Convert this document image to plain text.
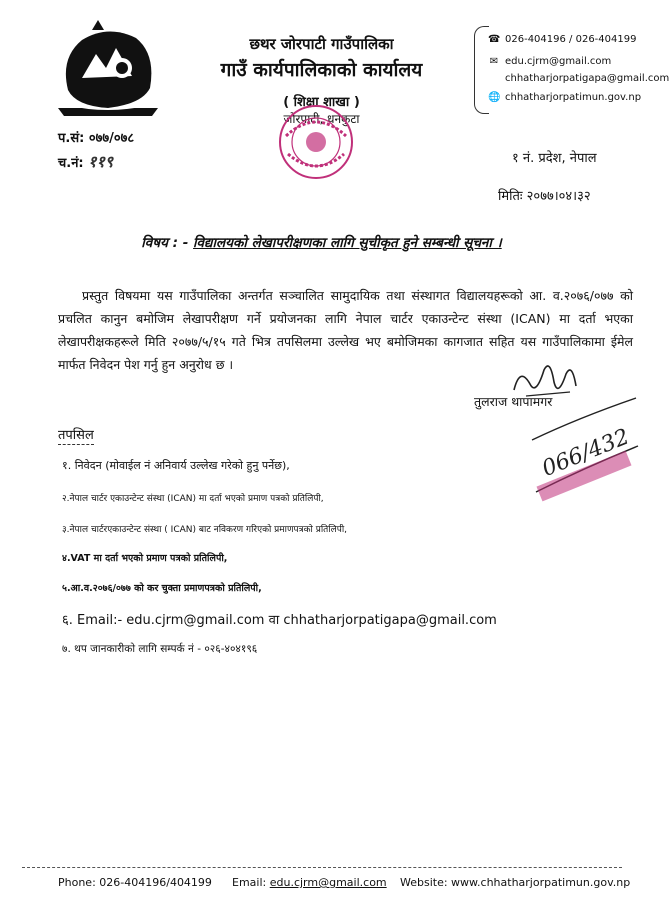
छथर जोरपाटी गाउँपालिका
गाउँ कार्यपालिकाको कार्यालय
( शिक्षा शाखा )
जोरपाटी, धनकुटा
☎ 026-404196 / 026-404199
✉ edu.cjrm@gmail.com
chhatharjorpatigapa@gmail.com
🌐 chhatharjorpatimun.gov.np
प.सं: ०७७/०७८
च.नं: ११९	१ नं. प्रदेश, नेपाल
मितिः २०७७।०४।३२
विषय : - विद्यालयको लेखापरीक्षणका लागि सुचीकृत हुने सम्बन्धी सूचना ।
प्रस्तुत विषयमा यस गाउँपालिका अन्तर्गत सञ्चालित सामुदायिक तथा संस्थागत विद्यालयहरूको आ. व.२०७६/०७७ को प्रचलित कानुन बमोजिम लेखापरीक्षण गर्ने प्रयोजनका लागि नेपाल चार्टर एकाउन्टेन्ट संस्था (ICAN) मा दर्ता भएका लेखापरीक्षकहरूले मिति २०७७/५/१५ गते भित्र तपसिलमा उल्लेख भए बमोजिमका कागजात सहित यस गाउँपालिकामा ईमेल मार्फत निवेदन पेश गर्नु हुन अनुरोध छ ।
तुलराज थापामगर
066/432
तपसिल
१. निवेदन (मोवाईल नं अनिवार्य उल्लेख गरेको हुनु पर्नेछ),
२.नेपाल चार्टर एकाउन्टेन्ट संस्था (ICAN) मा दर्ता भएको प्रमाण पत्रको प्रतिलिपी,
३.नेपाल चार्टरएकाउन्टेन्ट संस्था ( ICAN) बाट नविकरण गरिएको प्रमाणपत्रको प्रतिलिपी,
४.VAT मा दर्ता भएको प्रमाण पत्रको प्रतिलिपी,
५.आ.व.२०७६/०७७ को कर चुक्ता प्रमाणपत्रको प्रतिलिपी,
६. Email:- edu.cjrm@gmail.com वा chhatharjorpatigapa@gmail.com
७. थप जानकारीको लागि सम्पर्क नं - ०२६-४०४१९६
Phone: 026-404196/404199 Email: edu.cjrm@gmail.com Website: www.chhatharjorpatimun.gov.np
